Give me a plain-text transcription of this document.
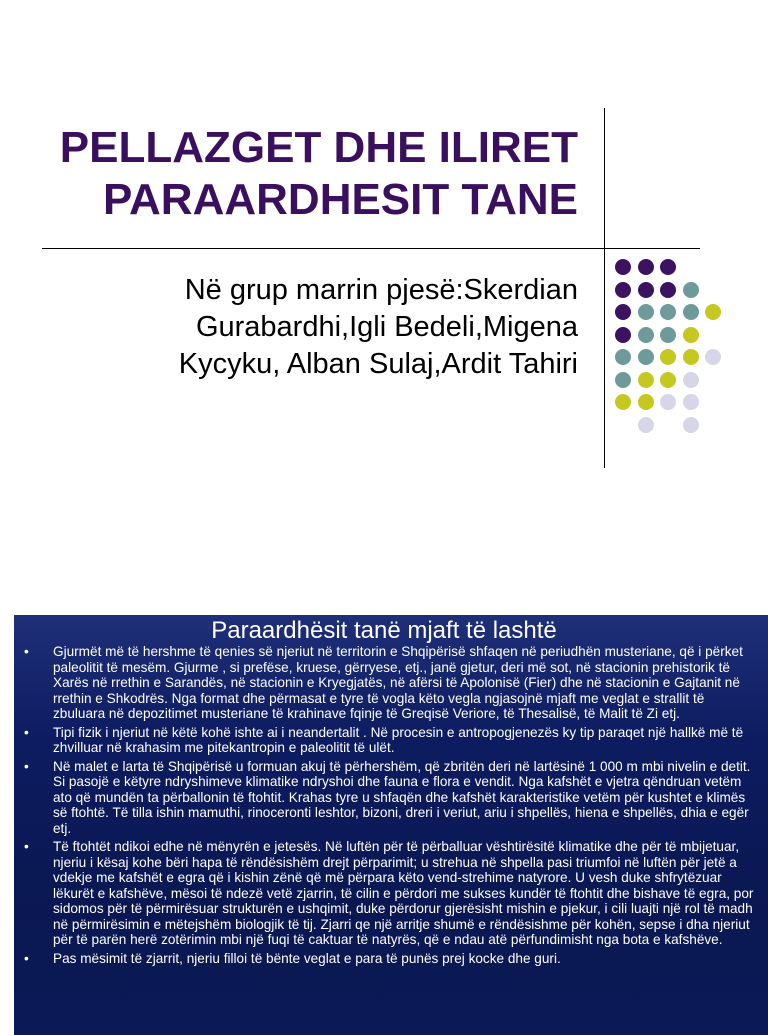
PELLAZGET DHE ILIRET
PARAARDHESIT TANE
Në grup marrin pjesë:Skerdian
Gurabardhi,Igli Bedeli,Migena
Kycyku, Alban Sulaj,Ardit Tahiri
Paraardhësit tanë mjaft të lashtë
• Gjurmët më të hershme të qenies së njeriut në territorin e Shqipërisë shfaqen në periudhën musteriane, që i përket paleolitit të mesëm. Gjurme , si prefëse, kruese, gërryese, etj., janë gjetur, deri më sot, në stacionin prehistorik të Xarës në rrethin e Sarandës, në stacionin e Kryegjatës, në afërsi të Apolonisë (Fier) dhe në stacionin e Gajtanit në rrethin e Shkodrës. Nga format dhe përmasat e tyre të vogla këto vegla ngjasojnë mjaft me veglat e strallit të zbuluara në depozitimet musteriane të krahinave fqinje të Greqisë Veriore, të Thesalisë, të Malit të Zi etj.
• Tipi fizik i njeriut në këtë kohë ishte ai i neandertalit . Në procesin e antropogjenezës ky tip paraqet një hallkë më të zhvilluar në krahasim me pitekantropin e paleolitit të ulët.
• Në malet e larta të Shqipërisë u formuan akuj të përhershëm, që zbritën deri në lartësinë 1 000 m mbi nivelin e detit. Si pasojë e këtyre ndryshimeve klimatike ndryshoi dhe fauna e flora e vendit. Nga kafshët e vjetra qëndruan vetëm ato që mundën ta përballonin të ftohtit. Krahas tyre u shfaqën dhe kafshët karakteristike vetëm për kushtet e klimës së ftohtë. Të tilla ishin mamuthi, rinoceronti leshtor, bizoni, dreri i veriut, ariu i shpellës, hiena e shpellës, dhia e egër etj.
• Të ftohtët ndikoi edhe në mënyrën e jetesës. Në luftën për të përballuar vështirësitë klimatike dhe për të mbijetuar, njeriu i kësaj kohe bëri hapa të rëndësishëm drejt përparimit; u strehua në shpella pasi triumfoi në luftën për jetë a vdekje me kafshët e egra që i kishin zënë që më përpara këto vend-strehime natyrore. U vesh duke shfrytëzuar lëkurët e kafshëve, mësoi të ndezë vetë zjarrin, të cilin e përdori me sukses kundër të ftohtit dhe bishave të egra, por sidomos për të përmirësuar strukturën e ushqimit, duke përdorur gjerësisht mishin e pjekur, i cili luajti një rol të madh në përmirësimin e mëtejshëm biologjik të tij. Zjarri qe një arritje shumë e rëndësishme për kohën, sepse i dha njeriut për të parën herë zotërimin mbi një fuqi të caktuar të natyrës, që e ndau atë përfundimisht nga bota e kafshëve.
• Pas mësimit të zjarrit, njeriu filloi të bënte veglat e para të punës prej kocke dhe guri.
